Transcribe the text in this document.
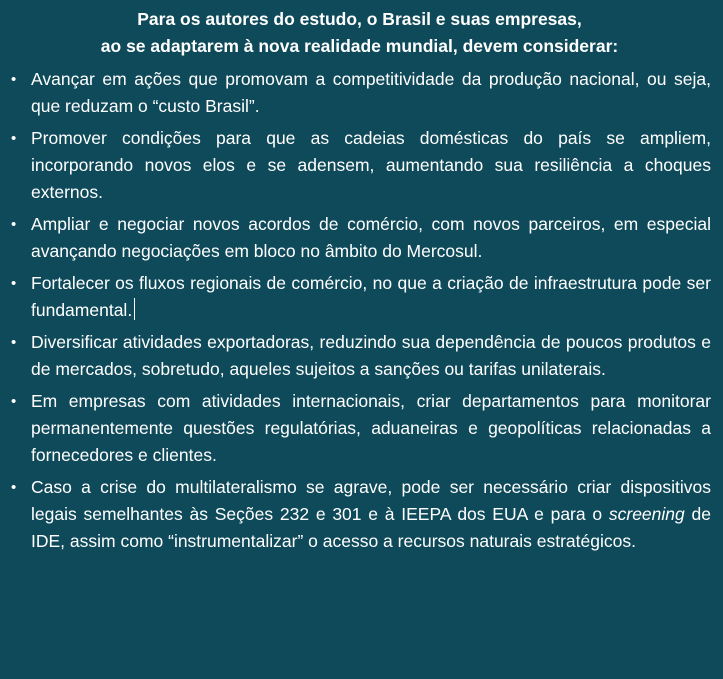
Para os autores do estudo, o Brasil e suas empresas,
ao se adaptarem à nova realidade mundial, devem considerar:
• Avançar em ações que promovam a competitividade da produção nacional, ou seja, que reduzam o “custo Brasil”.
• Promover condições para que as cadeias domésticas do país se ampliem, incorporando novos elos e se adensem, aumentando sua resiliência a choques externos.
• Ampliar e negociar novos acordos de comércio, com novos parceiros, em especial avançando negociações em bloco no âmbito do Mercosul.
• Fortalecer os fluxos regionais de comércio, no que a criação de infraestrutura pode ser fundamental.
• Diversificar atividades exportadoras, reduzindo sua dependência de poucos produtos e de mercados, sobretudo, aqueles sujeitos a sanções ou tarifas unilaterais.
• Em empresas com atividades internacionais, criar departamentos para monitorar permanentemente questões regulatórias, aduaneiras e geopolíticas relacionadas a fornecedores e clientes.
• Caso a crise do multilateralismo se agrave, pode ser necessário criar dispositivos legais semelhantes às Seções 232 e 301 e à IEEPA dos EUA e para o screening de IDE, assim como “instrumentalizar” o acesso a recursos naturais estratégicos.
